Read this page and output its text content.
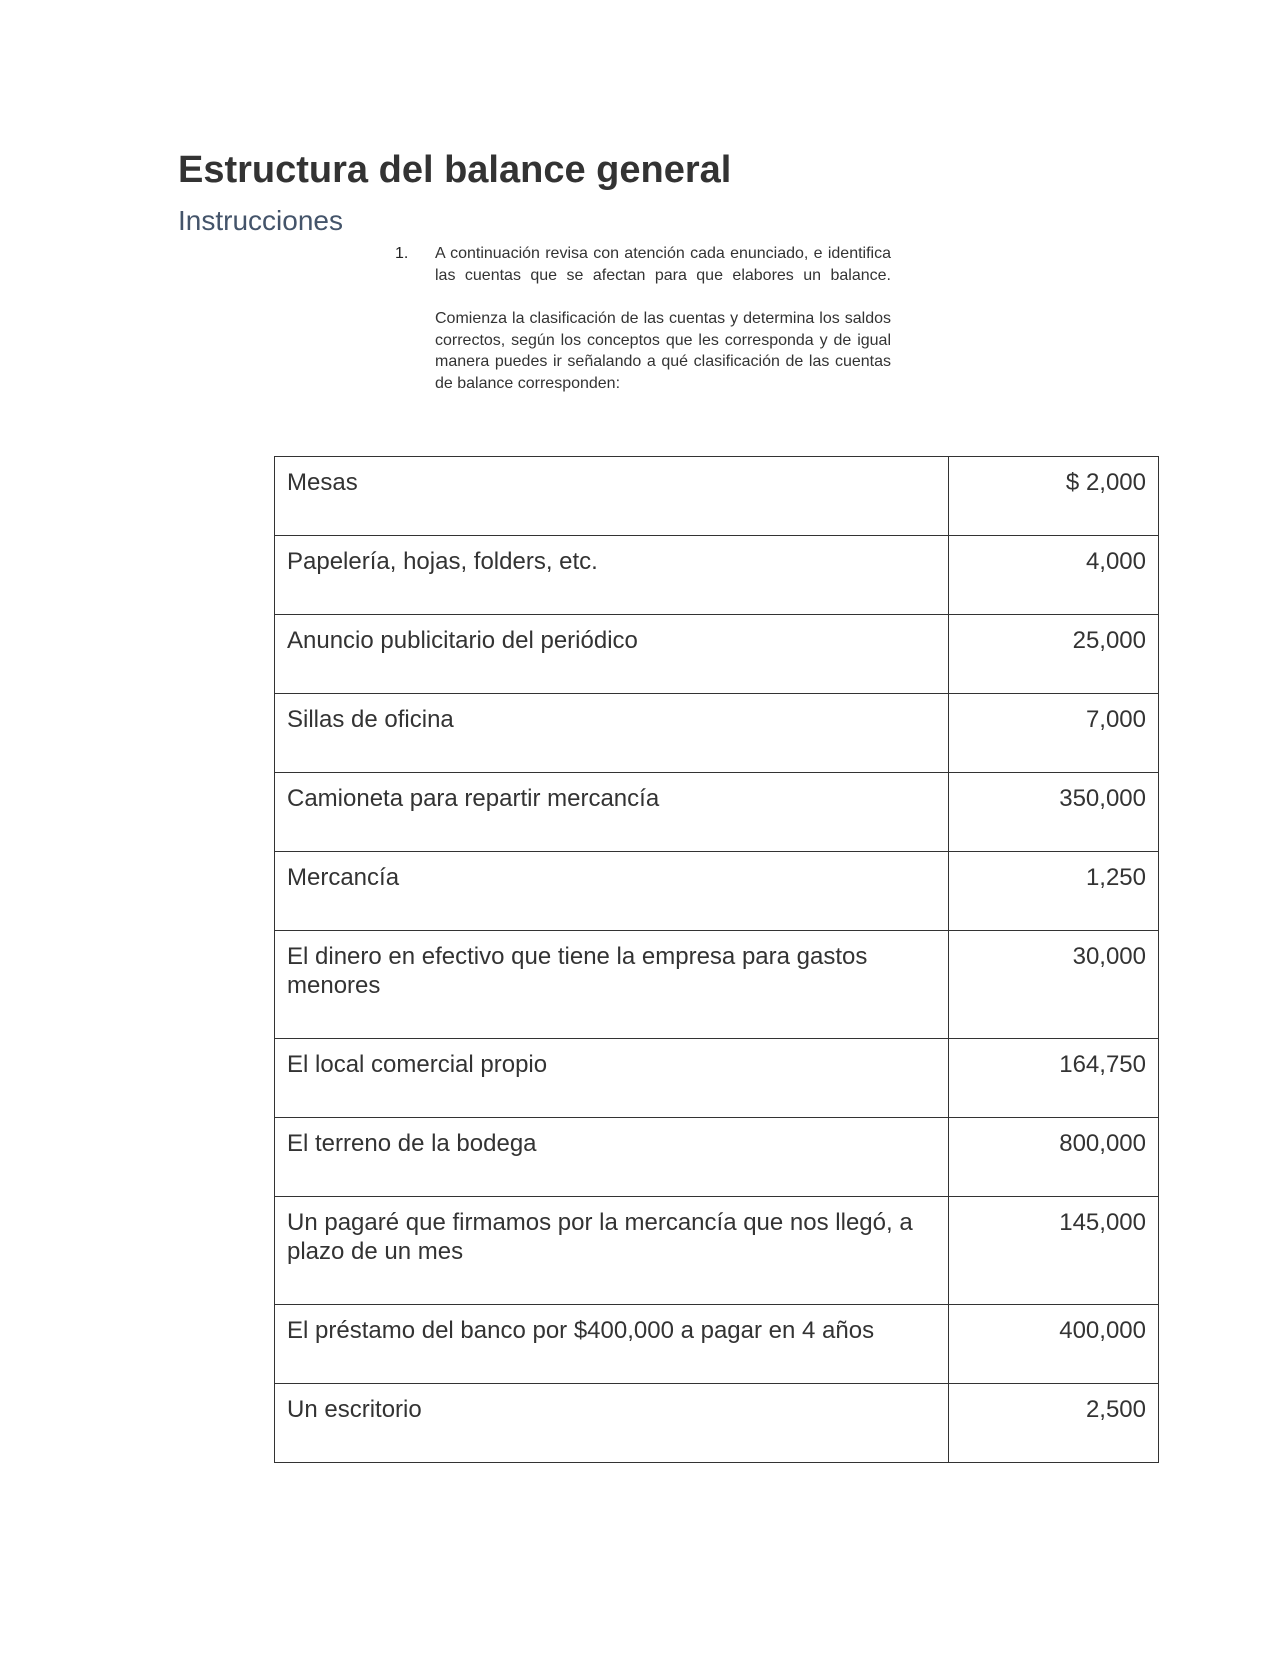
Estructura del balance general
Instrucciones
1. A continuación revisa con atención cada enunciado, e identifica las cuentas que se afectan para que elabores un balance.

Comienza la clasificación de las cuentas y determina los saldos correctos, según los conceptos que les corresponda y de igual manera puedes ir señalando a qué clasificación de las cuentas de balance corresponden:

Mesas	$ 2,000
Papelería, hojas, folders, etc.	4,000
Anuncio publicitario del periódico	25,000
Sillas de oficina	7,000
Camioneta para repartir mercancía	350,000
Mercancía	1,250
El dinero en efectivo que tiene la empresa para gastos menores	30,000
El local comercial propio	164,750
El terreno de la bodega	800,000
Un pagaré que firmamos por la mercancía que nos llegó, a plazo de un mes	145,000
El préstamo del banco por $400,000 a pagar en 4 años	400,000
Un escritorio	2,500
